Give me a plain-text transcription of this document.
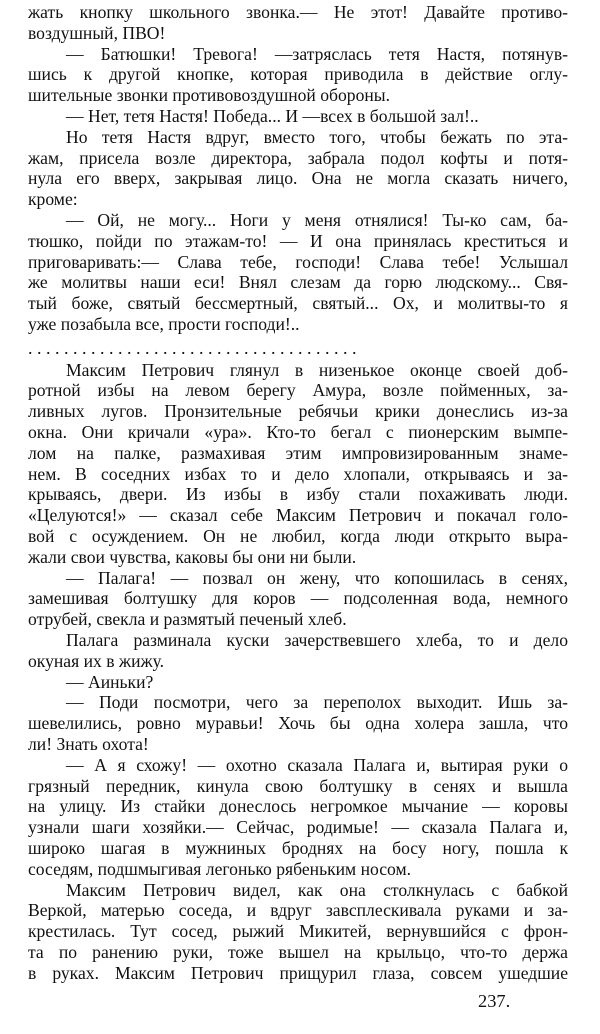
жать кнопку школьного звонка.— Не этот! Давайте противо-
воздушный, ПВО!
— Батюшки! Тревога! —затряслась тетя Настя, потянув-
шись к другой кнопке, которая приводила в действие оглу-
шительные звонки противовоздушной обороны.
— Нет, тетя Настя! Победа... И —всех в большой зал!..
Но тетя Настя вдруг, вместо того, чтобы бежать по эта-
жам, присела возле директора, забрала подол кофты и потя-
нула его вверх, закрывая лицо. Она не могла сказать ничего,
кроме:
— Ой, не могу... Ноги у меня отнялися! Ты-ко сам, ба-
тюшко, пойди по этажам-то! — И она принялась креститься и
приговаривать:— Слава тебе, господи! Слава тебе! Услышал
же молитвы наши еси! Внял слезам да горю людскому... Свя-
тый боже, святый бессмертный, святый... Ох, и молитвы-то я
уже позабыла все, прости господи!..
. . . . . . . . . . . . . . . . . . . . . . . . . . . . . . . . . . . . .
Максим Петрович глянул в низенькое оконце своей доб-
ротной избы на левом берегу Амура, возле пойменных, за-
ливных лугов. Пронзительные ребячьи крики донеслись из-за
окна. Они кричали «ура». Кто-то бегал с пионерским вымпе-
лом на палке, размахивая этим импровизированным знаме-
нем. В соседних избах то и дело хлопали, открываясь и за-
крываясь, двери. Из избы в избу стали похаживать люди.
«Целуются!» — сказал себе Максим Петрович и покачал голо-
вой с осуждением. Он не любил, когда люди открыто выра-
жали свои чувства, каковы бы они ни были.
— Палага! — позвал он жену, что копошилась в сенях,
замешивая болтушку для коров — подсоленная вода, немного
отрубей, свекла и размятый печеный хлеб.
Палага разминала куски зачерствевшего хлеба, то и дело
окуная их в жижу.
— Аиньки?
— Поди посмотри, чего за переполох выходит. Ишь за-
шевелились, ровно муравьи! Хочь бы одна холера зашла, что
ли! Знать охота!
— А я схожу! — охотно сказала Палага и, вытирая руки о
грязный передник, кинула свою болтушку в сенях и вышла
на улицу. Из стайки донеслось негромкое мычание — коровы
узнали шаги хозяйки.— Сейчас, родимые! — сказала Палага и,
широко шагая в мужниных броднях на босу ногу, пошла к
соседям, подшмыгивая легонько рябеньким носом.
Максим Петрович видел, как она столкнулась с бабкой
Веркой, матерью соседа, и вдруг завсплескивала руками и за-
крестилась. Тут сосед, рыжий Микитей, вернувшийся с фрон-
та по ранению руки, тоже вышел на крыльцо, что-то держа
в руках. Максим Петрович прищурил глаза, совсем ушедшие
237.
